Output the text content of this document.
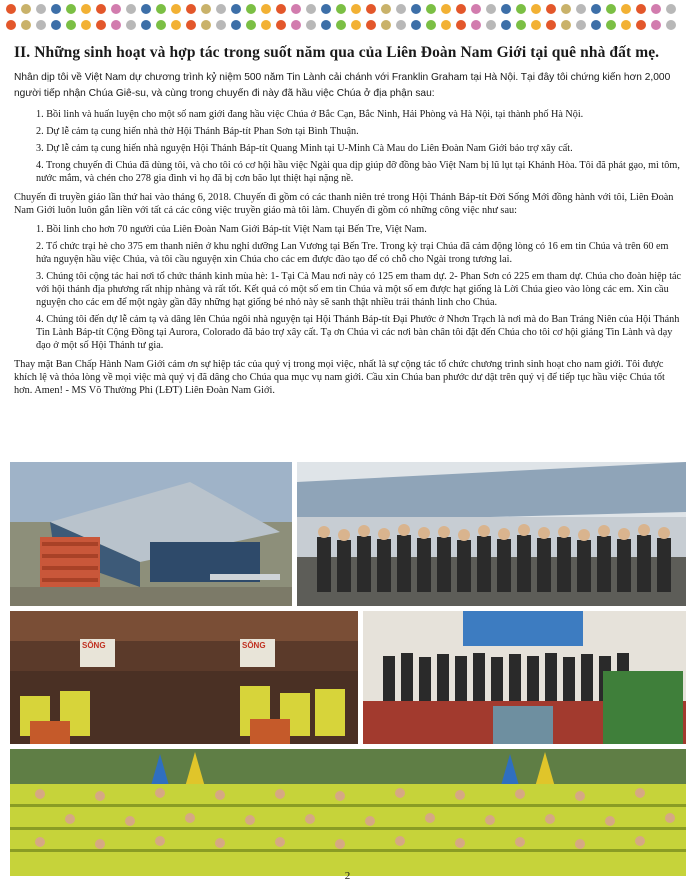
II. Những sinh hoạt và hợp tác trong suốt năm qua của Liên Đoàn Nam Giới tại quê nhà đất mẹ.

Nhân dịp tôi về Việt Nam dự chương trình kỷ niệm 500 năm Tin Lành cải chánh với Franklin Graham tại Hà Nội. Tại đây tôi chứng kiến hơn 2,000 người tiếp nhận Chúa Giê-su, và cùng trong chuyến đi này đã hầu việc Chúa ở địa phận sau:

1. Bồi linh và huấn luyện cho một số nam giới đang hầu việc Chúa ở Bắc Cạn, Bắc Ninh, Hải Phòng và Hà Nội, tại thành phố Hà Nội.
2. Dự lễ cảm tạ cung hiến nhà thờ Hội Thánh Báp-tít Phan Sơn tại Bình Thuận.
3. Dự lễ cảm tạ cung hiến nhà nguyện Hội Thánh Báp-tít Quang Minh tại U-Minh Cà Mau do Liên Đoàn Nam Giới bảo trợ xây cất.
4. Trong chuyến đi Chúa đã dùng tôi, và cho tôi có cơ hội hầu việc Ngài qua dịp giúp đỡ đồng bào Việt Nam bị lũ lụt tại Khánh Hòa. Tôi đã phát gạo, mì tôm, nước mắm, và chén cho 278 gia đình vì họ đã bị cơn bão lụt thiệt hại nặng nề.

Chuyến đi truyền giáo lần thứ hai vào tháng 6, 2018. Chuyến đi gồm có các thanh niên trẻ trong Hội Thánh Báp-tít Đời Sống Mới đồng hành với tôi, Liên Đoàn Nam Giới luôn luôn gắn liền với tất cả các công việc truyền giáo mà tôi làm. Chuyến đi gồm có những công việc như sau:

1. Bồi linh cho hơn 70 người của Liên Đoàn Nam Giới Báp-tít Việt Nam tại Bến Tre, Việt Nam.
2. Tổ chức trại hè cho 375 em thanh niên ở khu nghỉ dưỡng Lan Vương tại Bến Tre. Trong kỳ trại Chúa đã cảm động lòng có 16 em tin Chúa và trên 60 em hứa nguyện hầu việc Chúa, và tôi cầu nguyện xin Chúa cho các em được đào tạo để có chỗ cho Ngài trong tương lai.
3. Chúng tôi cộng tác hai nơi tổ chức thánh kinh mùa hè: 1- Tại Cà Mau nơi này có 125 em tham dự. 2- Phan Sơn có 225 em tham dự. Chúa cho đoàn hiệp tác với hội thánh địa phương rất nhịp nhàng và rất tốt. Kết quả có một số em tin Chúa và một số em được hạt giống là Lời Chúa gieo vào lòng các em. Xin cầu nguyện cho các em để một ngày gần đây những hạt giống bé nhỏ này sẽ sanh thật nhiều trái thánh linh cho Chúa.
4. Chúng tôi đến dự lễ cảm tạ và dâng lên Chúa ngôi nhà nguyện tại Hội Thánh Báp-tít Đại Phước ở Nhơn Trạch là nơi mà do Ban Tráng Niên của Hội Thánh Tin Lành Báp-tít Cộng Đồng tại Aurora, Colorado đã bảo trợ xây cất. Tạ ơn Chúa vì các nơi bàn chân tôi đặt đến Chúa cho tôi cơ hội giảng Tin Lành và dạy đạo ở một số Hội Thánh tư gia.

Thay mặt Ban Chấp Hành Nam Giới cảm ơn sự hiệp tác của quý vị trong mọi việc, nhất là sự cộng tác tổ chức chương trình sinh hoạt cho nam giới. Tôi được khích lệ và thỏa lòng về mọi việc mà quý vị đã dâng cho Chúa qua mục vụ nam giới. Cầu xin Chúa ban phước dư dật trên quý vị để tiếp tục hầu việc Chúa tốt hơn. Amen! - MS Võ Thường Phi (LĐT) Liên Đoàn Nam Giới.

SÔNG	SÔNG
2
